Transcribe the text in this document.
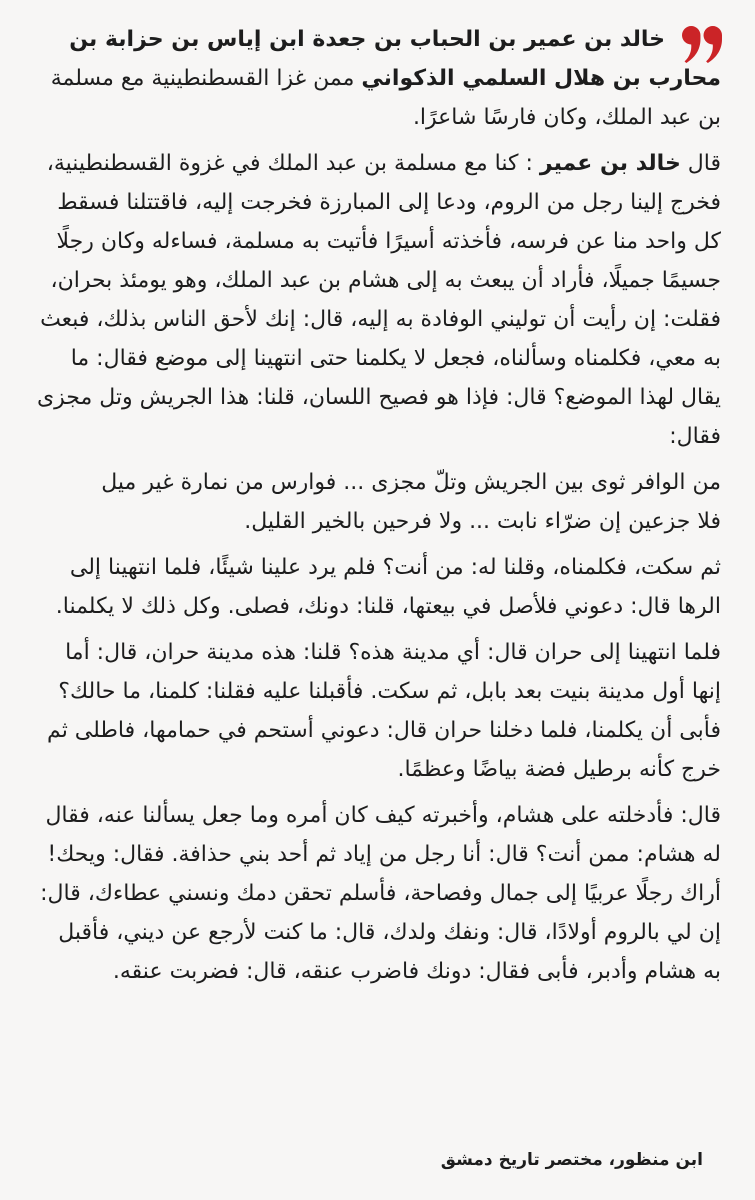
خالد بن عمير بن الحباب بن جعدة ابن إياس بن حزابة بن محارب بن هلال السلمي الذكواني ممن غزا القسطنطينية مع مسلمة بن عبد الملك، وكان فارسًا شاعرًا.

قال خالد بن عمير : كنا مع مسلمة بن عبد الملك في غزوة القسطنطينية، فخرج إلينا رجل من الروم، ودعا إلى المبارزة فخرجت إليه، فاقتتلنا فسقط كل واحد منا عن فرسه، فأخذته أسيرًا فأتيت به مسلمة، فساءله وكان رجلًا جسيمًا جميلًا، فأراد أن يبعث به إلى هشام بن عبد الملك، وهو يومئذ بحران، فقلت: إن رأيت أن توليني الوفادة به إليه، قال: إنك لأحق الناس بذلك، فبعث به معي، فكلمناه وسألناه، فجعل لا يكلمنا حتى انتهينا إلى موضع فقال: ما يقال لهذا الموضع؟ قال: فإذا هو فصيح اللسان، قلنا: هذا الجريش وتل مجزى فقال:

من الوافر ثوى بين الجريش وتلّ مجزى ... فوارس من نمارة غير ميل
فلا جزعين إن ضرّاء نابت ... ولا فرحين بالخير القليل.

ثم سكت، فكلمناه، وقلنا له: من أنت؟ فلم يرد علينا شيئًا، فلما انتهينا إلى الرها قال: دعوني فلأصل في بيعتها، قلنا: دونك، فصلى. وكل ذلك لا يكلمنا.

فلما انتهينا إلى حران قال: أي مدينة هذه؟ قلنا: هذه مدينة حران، قال: أما إنها أول مدينة بنيت بعد بابل، ثم سكت. فأقبلنا عليه فقلنا: كلمنا، ما حالك؟ فأبى أن يكلمنا، فلما دخلنا حران قال: دعوني أستحم في حمامها، فاطلى ثم خرج كأنه برطيل فضة بياضًا وعظمًا.

قال: فأدخلته على هشام، وأخبرته كيف كان أمره وما جعل يسألنا عنه، فقال له هشام: ممن أنت؟ قال: أنا رجل من إياد ثم أحد بني حذافة. فقال: ويحك! أراك رجلًا عربيًا إلى جمال وفصاحة، فأسلم تحقن دمك ونسني عطاءك، قال: إن لي بالروم أولادًا، قال: ونفك ولدك، قال: ما كنت لأرجع عن ديني، فأقبل به هشام وأدبر، فأبى فقال: دونك فاضرب عنقه، قال: فضربت عنقه.

ابن منظور، مختصر تاريخ دمشق
